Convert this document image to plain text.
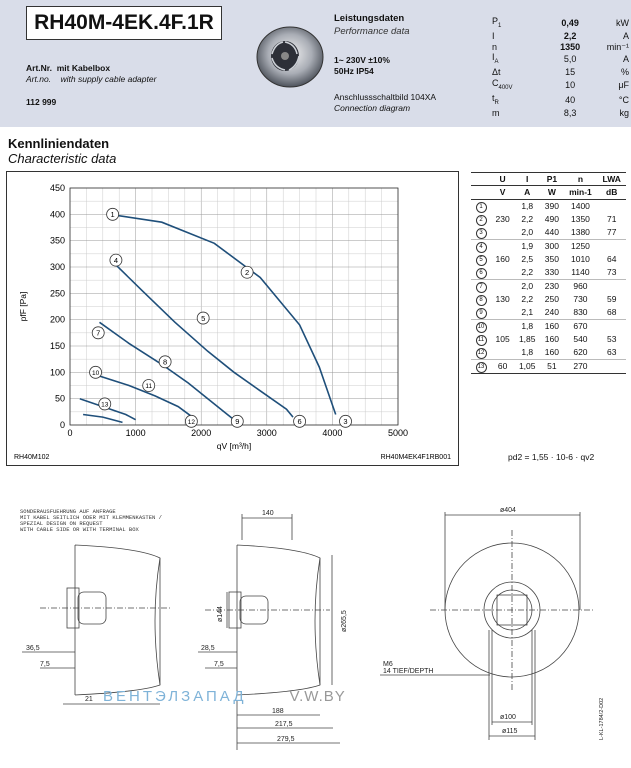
RH40M-4EK.4F.1R
Art.Nr. mit Kabelbox
Art.no. with supply cable adapter
112 999
Leistungsdaten
Performance data
1~ 230V ±10%
50Hz IP54
Anschlussschaltbild 104XA
Connection diagram
$P_1$	0,49	kW
I	2,2	A
n	1350	min⁻¹
$I_A$	5,0	A
Δt	15	%
$C_{400V}$	10	μF
$t_R$	40	°C
m	8,3	kg
Kennliniendaten
Characteristic data
0	1000	2000	3000	4000	5000
0
50
100
150
200
250
300
350
400
450
qV [m³/h]
pfF [Pa]
RH40M102	RH40M4EK4F1RB001
1
2
3
4
5
6
7
8
9
10
11
12
13
	U	I	P1	n	LWA
	V	A	W	min-1	dB
1		1,8	390	1400	
2	230	2,2	490	1350	71
3		2,0	440	1380	77
4		1,9	300	1250	
5	160	2,5	350	1010	64
6		2,2	330	1140	73
7		2,0	230	960	
8	130	2,2	250	730	59
9		2,1	240	830	68
10		1,8	160	670	
11	105	1,85	160	540	53
12		1,8	160	620	63
13	60	1,05	51	270	
pd2 = 1,55 · 10-6 · qv2
SONDERAUSFUEHRUNG AUF ANFRAGE
MIT KABEL SEITLICH ODER MIT KLEMMENKASTEN /
SPEZIAL DESIGN ON REQUEST
WITH CABLE SIDE OR WITH TERMINAL BOX
36,5
7,5
21
140
ø144	ø265,5
28,5
7,5
188
217,5
279,5
ø404
M6
14 TIEF/DEPTH
ø100
ø115	L-KL-1784/2-D02
ВЕНТЭЛЗАПАД	V.W.BY
